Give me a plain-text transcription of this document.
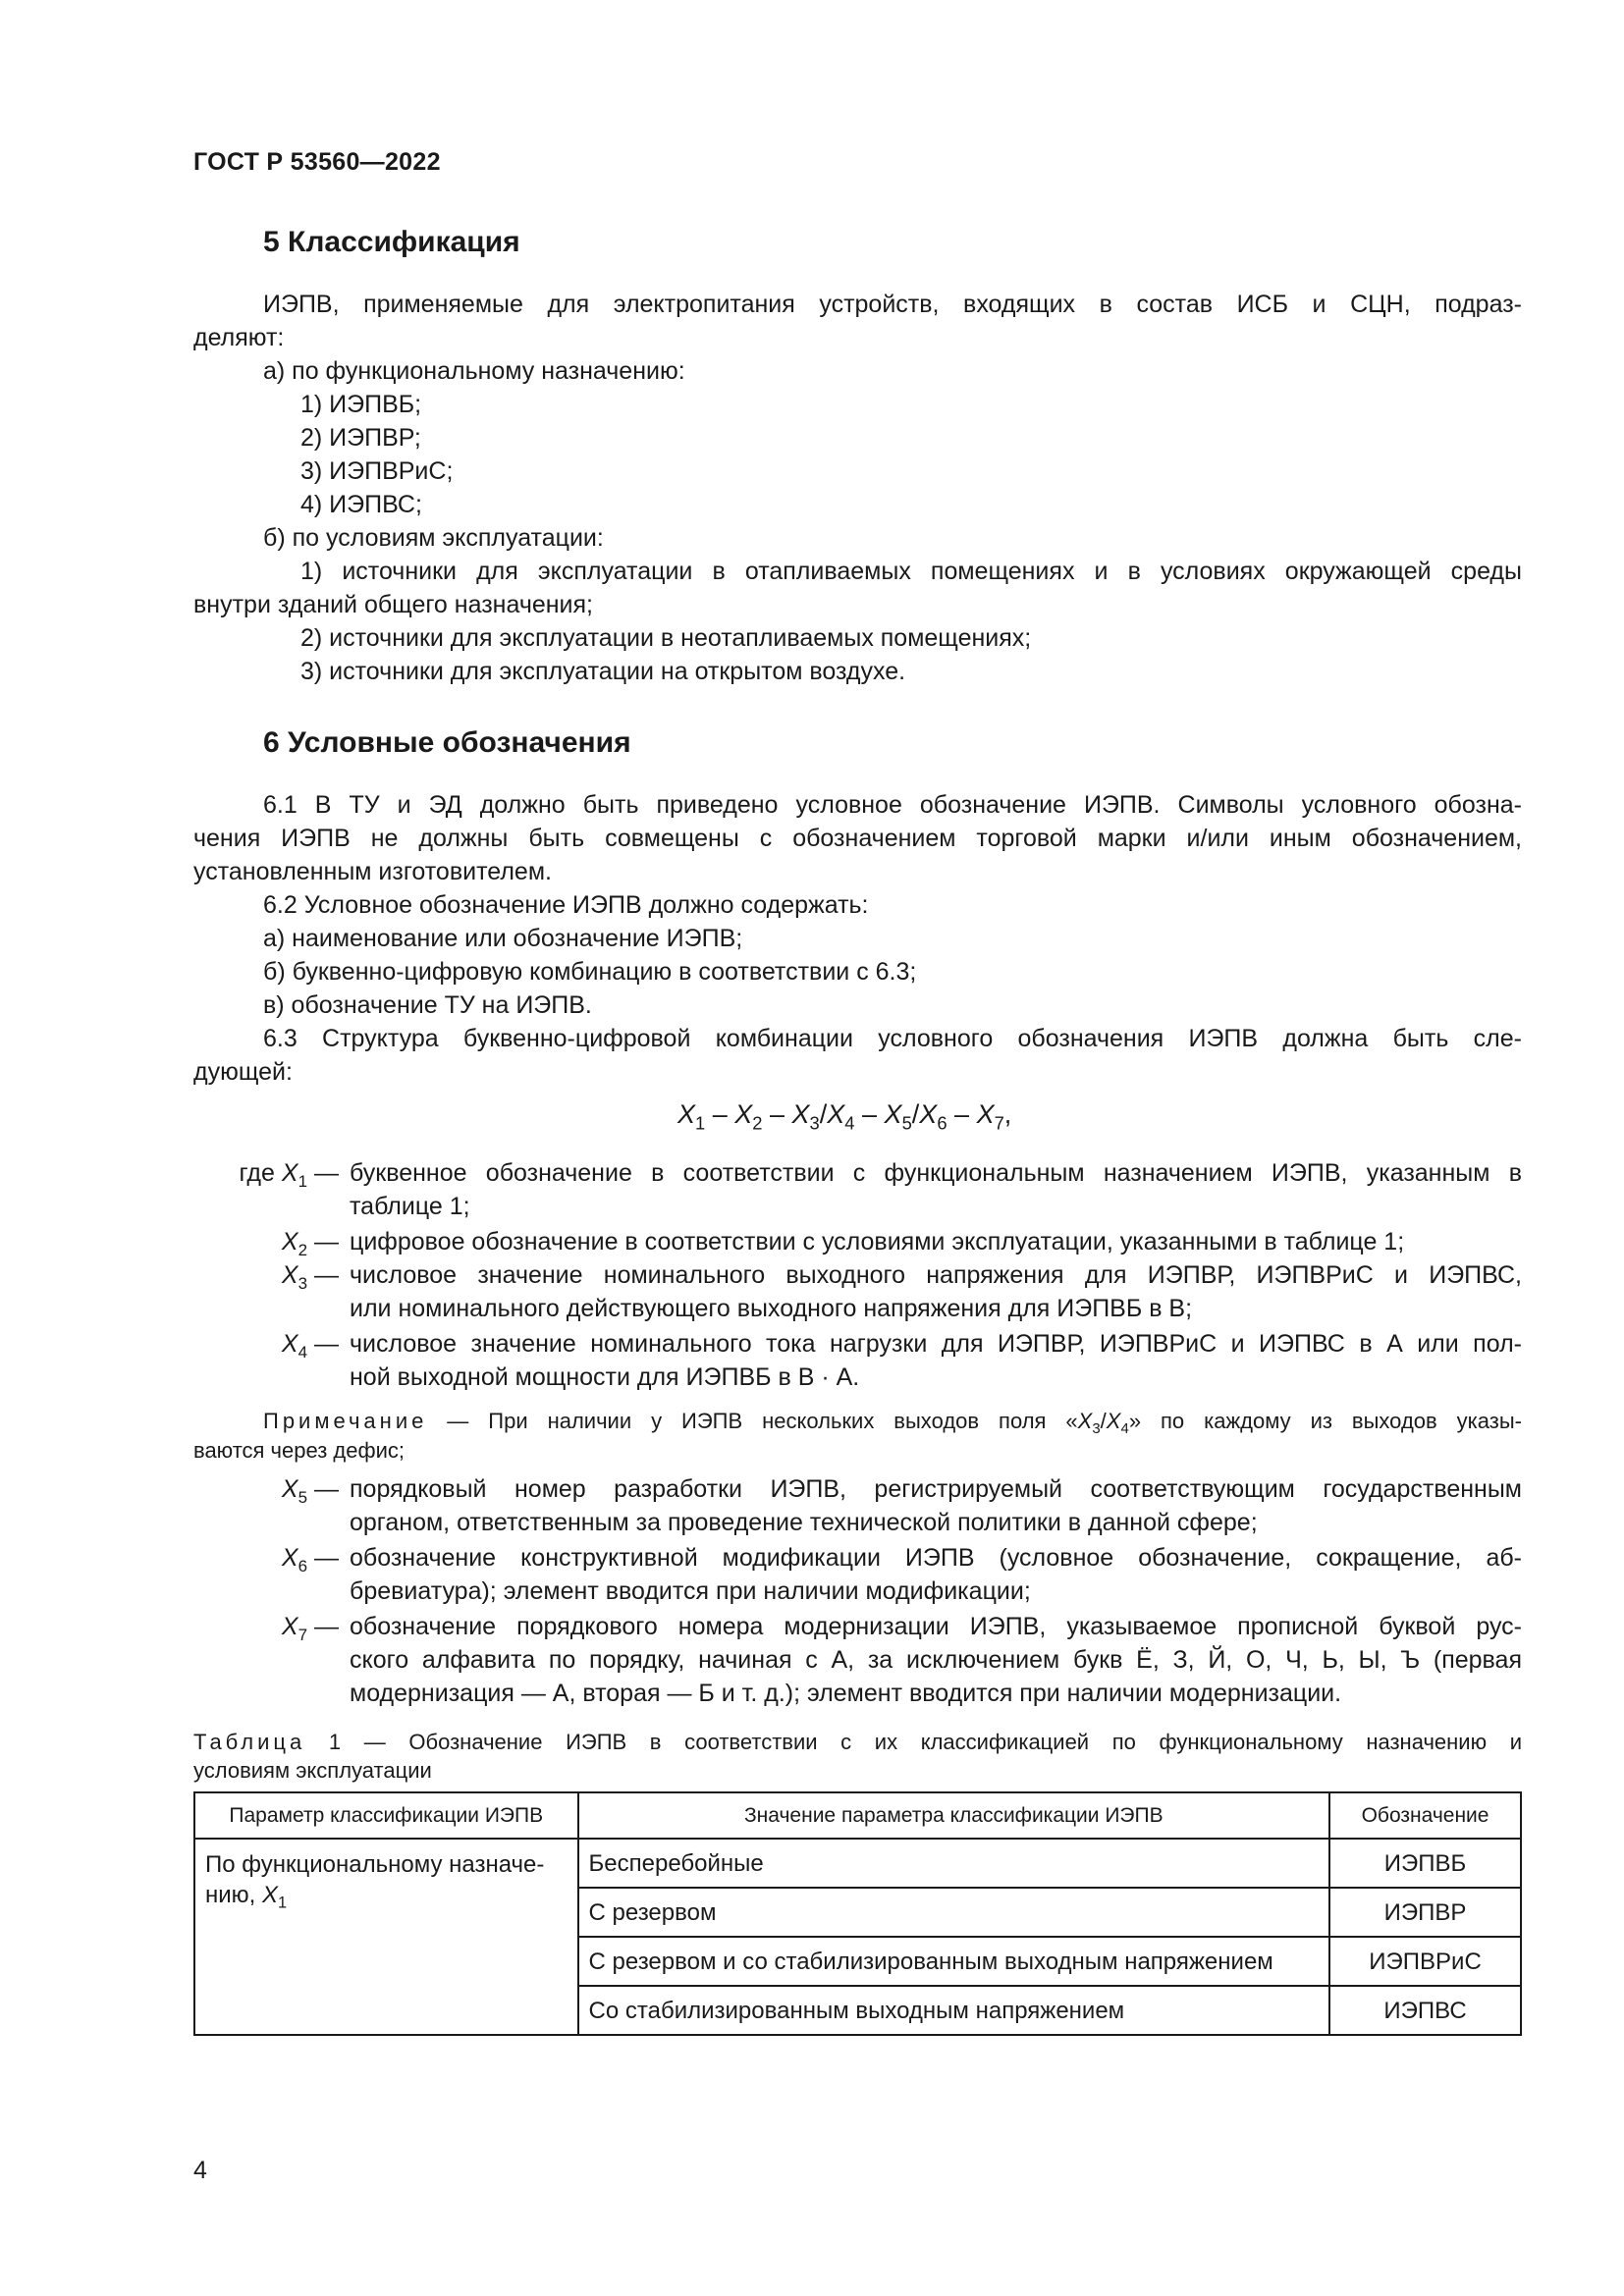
ГОСТ Р 53560—2022
5 Классификация
ИЭПВ, применяемые для электропитания устройств, входящих в состав ИСБ и СЦН, подраз-
деляют:
а) по функциональному назначению:
1) ИЭПВБ;
2) ИЭПВР;
3) ИЭПВРиС;
4) ИЭПВС;
б) по условиям эксплуатации:
1) источники для эксплуатации в отапливаемых помещениях и в условиях окружающей среды
внутри зданий общего назначения;
2) источники для эксплуатации в неотапливаемых помещениях;
3) источники для эксплуатации на открытом воздухе.
6 Условные обозначения
6.1 В ТУ и ЭД должно быть приведено условное обозначение ИЭПВ. Символы условного обозна-
чения ИЭПВ не должны быть совмещены с обозначением торговой марки и/или иным обозначением,
установленным изготовителем.
6.2 Условное обозначение ИЭПВ должно содержать:
а) наименование или обозначение ИЭПВ;
б) буквенно-цифровую комбинацию в соответствии с 6.3;
в) обозначение ТУ на ИЭПВ.
6.3 Структура буквенно-цифровой комбинации условного обозначения ИЭПВ должна быть сле-
дующей:
$X_1 - X_2 - X_3/X_4 - X_5/X_6 - X_7$,
где $X_1$ — буквенное обозначение в соответствии с функциональным назначением ИЭПВ, указанным в
таблице 1;
$X_2$ — цифровое обозначение в соответствии с условиями эксплуатации, указанными в таблице 1;
$X_3$ — числовое значение номинального выходного напряжения для ИЭПВР, ИЭПВРиС и ИЭПВС,
или номинального действующего выходного напряжения для ИЭПВБ в В;
$X_4$ — числовое значение номинального тока нагрузки для ИЭПВР, ИЭПВРиС и ИЭПВС в А или пол-
ной выходной мощности для ИЭПВБ в В · А.
Примечание — При наличии у ИЭПВ нескольких выходов поля «$X_3/X_4$» по каждому из выходов указы-
ваются через дефис;
$X_5$ — порядковый номер разработки ИЭПВ, регистрируемый соответствующим государственным
органом, ответственным за проведение технической политики в данной сфере;
$X_6$ — обозначение конструктивной модификации ИЭПВ (условное обозначение, сокращение, аб-
бревиатура); элемент вводится при наличии модификации;
$X_7$ — обозначение порядкового номера модернизации ИЭПВ, указываемое прописной буквой рус-
ского алфавита по порядку, начиная с А, за исключением букв Ё, З, Й, О, Ч, Ь, Ы, Ъ (первая
модернизация — А, вторая — Б и т. д.); элемент вводится при наличии модернизации.
Таблица 1 — Обозначение ИЭПВ в соответствии с их классификацией по функциональному назначению и
условиям эксплуатации
Параметр классификации ИЭПВ	Значение параметра классификации ИЭПВ	Обозначение

По функциональному назначе-
нию, $X_1$	Бесперебойные	ИЭПВБ
	С резервом	ИЭПВР
	С резервом и со стабилизированным выходным напряжением	ИЭПВРиС
	Со стабилизированным выходным напряжением	ИЭПВС
4
